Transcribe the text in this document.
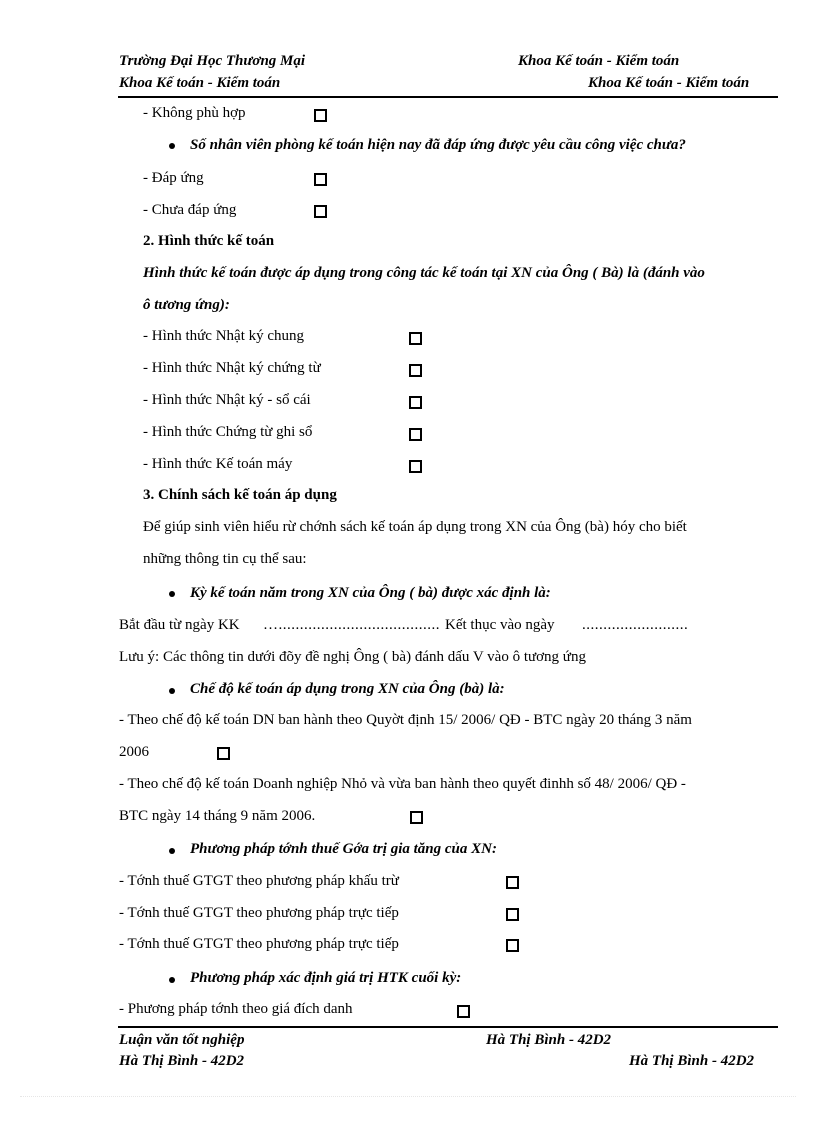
Trường Đại Học Thương Mại	Khoa Kế toán - Kiểm toán
Khoa Kế toán - Kiểm toán	Khoa Kế toán - Kiểm toán
- Không phù hợp
Số nhân viên phòng kế toán hiện nay đã đáp ứng được yêu cầu công việc chưa?
- Đáp ứng
- Chưa đáp ứng
2. Hình thức kế toán
Hình thức kế toán được áp dụng trong công tác kế toán tại XN của Ông ( Bà) là (đánh vào
ô tương ứng):
- Hình thức Nhật ký chung
- Hình thức Nhật ký chứng từ
- Hình thức Nhật ký - sổ cái
- Hình thức Chứng từ ghi sổ
- Hình thức Kế toán máy
3. Chính sách kế toán áp dụng
Để giúp sinh viên hiểu rừ chớnh sách kế toán áp dụng trong XN của Ông (bà) hóy cho biết
những thông tin cụ thể sau:
Kỳ kế toán năm trong XN của Ông ( bà) được xác định là:
Bắt đầu từ ngày KK …...................................... Kết thục vào ngày .........................
Lưu ý: Các thông tin dưới đõy đề nghị Ông ( bà) đánh dấu V vào ô tương ứng
Chế độ kế toán áp dụng trong XN của Ông (bà) là:
- Theo chế độ kế toán DN ban hành theo Quyờt định 15/ 2006/ QĐ - BTC ngày 20 tháng 3 năm
2006
- Theo chế độ kế toán Doanh nghiệp Nhỏ và vừa ban hành theo quyết đinhh số 48/ 2006/ QĐ -
BTC ngày 14 tháng 9 năm 2006.
Phương pháp tớnh thuế Gớa trị gia tăng của XN:
- Tớnh thuế GTGT theo phương pháp khấu trừ
- Tớnh thuế GTGT theo phương pháp trực tiếp
- Tớnh thuế GTGT theo phương pháp trực tiếp
Phương pháp xác định giá trị HTK cuối kỳ:
- Phương pháp tớnh theo giá đích danh
Luận văn tốt nghiệp	Hà Thị Bình - 42D2
Hà Thị Bình - 42D2	Hà Thị Bình - 42D2
